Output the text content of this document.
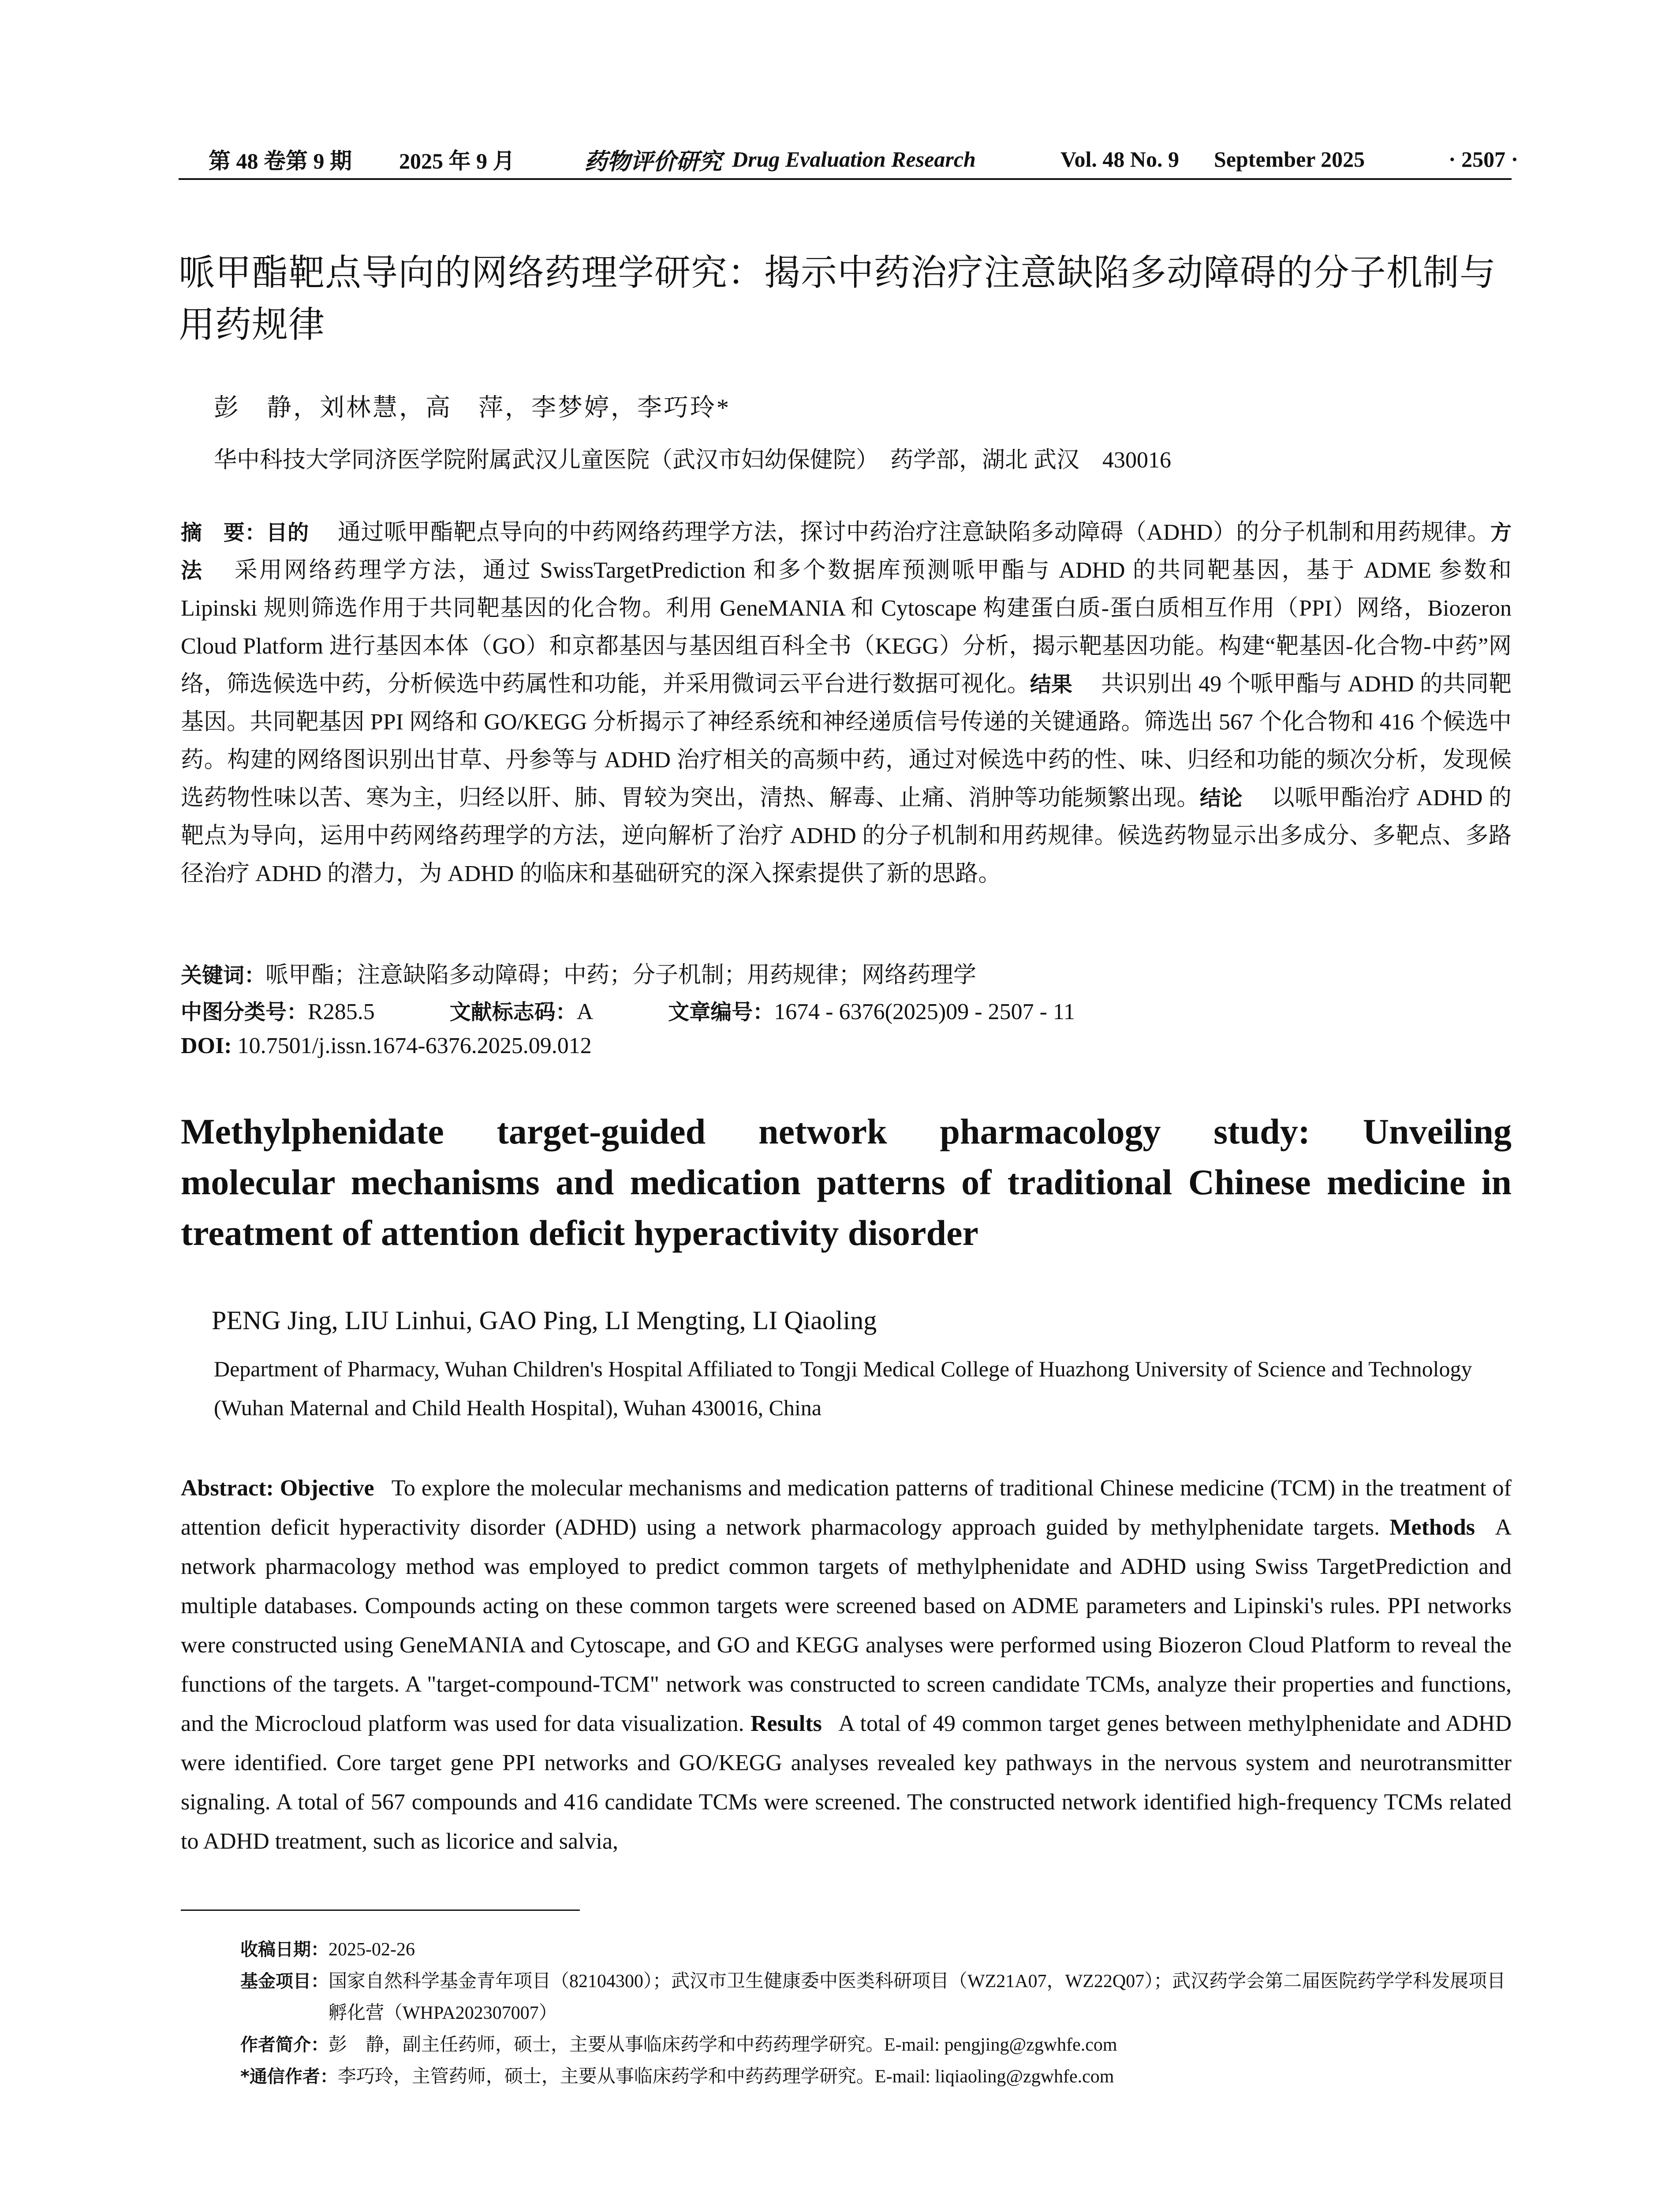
第 48 卷第 9 期 2025 年 9 月	药物评价研究 Drug Evaluation Research	Vol. 48 No. 9 September 2025	· 2507 ·
哌甲酯靶点导向的网络药理学研究：揭示中药治疗注意缺陷多动障碍的分子机制与用药规律
彭　静，刘林慧，高　萍，李梦婷，李巧玲*
华中科技大学同济医学院附属武汉儿童医院（武汉市妇幼保健院）　药学部，湖北 武汉　430016
摘　要：目的  通过哌甲酯靶点导向的中药网络药理学方法，探讨中药治疗注意缺陷多动障碍（ADHD）的分子机制和用药规律。方法  采用网络药理学方法，通过 SwissTargetPrediction 和多个数据库预测哌甲酯与 ADHD 的共同靶基因，基于 ADME 参数和 Lipinski 规则筛选作用于共同靶基因的化合物。利用 GeneMANIA 和 Cytoscape 构建蛋白质-蛋白质相互作用（PPI）网络，Biozeron Cloud Platform 进行基因本体（GO）和京都基因与基因组百科全书（KEGG）分析，揭示靶基因功能。构建“靶基因-化合物-中药”网络，筛选候选中药，分析候选中药属性和功能，并采用微词云平台进行数据可视化。结果  共识别出 49 个哌甲酯与 ADHD 的共同靶基因。共同靶基因 PPI 网络和 GO/KEGG 分析揭示了神经系统和神经递质信号传递的关键通路。筛选出 567 个化合物和 416 个候选中药。构建的网络图识别出甘草、丹参等与 ADHD 治疗相关的高频中药，通过对候选中药的性、味、归经和功能的频次分析，发现候选药物性味以苦、寒为主，归经以肝、肺、胃较为突出，清热、解毒、止痛、消肿等功能频繁出现。结论  以哌甲酯治疗 ADHD 的靶点为导向，运用中药网络药理学的方法，逆向解析了治疗 ADHD 的分子机制和用药规律。候选药物显示出多成分、多靶点、多路径治疗 ADHD 的潜力，为 ADHD 的临床和基础研究的深入探索提供了新的思路。
关键词：哌甲酯；注意缺陷多动障碍；中药；分子机制；用药规律；网络药理学
中图分类号：R285.5	文献标志码：A	文章编号：1674 - 6376(2025)09 - 2507 - 11
DOI: 10.7501/j.issn.1674-6376.2025.09.012
Methylphenidate target-guided network pharmacology study: Unveiling
molecular mechanisms and medication patterns of traditional Chinese medicine in treatment of attention deficit hyperactivity disorder
PENG Jing, LIU Linhui, GAO Ping, LI Mengting, LI Qiaoling
Department of Pharmacy, Wuhan Children's Hospital Affiliated to Tongji Medical College of Huazhong University of Science and Technology (Wuhan Maternal and Child Health Hospital), Wuhan 430016, China
Abstract: Objective  To explore the molecular mechanisms and medication patterns of traditional Chinese medicine (TCM) in the treatment of attention deficit hyperactivity disorder (ADHD) using a network pharmacology approach guided by methylphenidate targets. Methods  A network pharmacology method was employed to predict common targets of methylphenidate and ADHD using Swiss TargetPrediction and multiple databases. Compounds acting on these common targets were screened based on ADME parameters and Lipinski's rules. PPI networks were constructed using GeneMANIA and Cytoscape, and GO and KEGG analyses were performed using Biozeron Cloud Platform to reveal the functions of the targets. A "target-compound-TCM" network was constructed to screen candidate TCMs, analyze their properties and functions, and the Microcloud platform was used for data visualization. Results  A total of 49 common target genes between methylphenidate and ADHD were identified. Core target gene PPI networks and GO/KEGG analyses revealed key pathways in the nervous system and neurotransmitter signaling. A total of 567 compounds and 416 candidate TCMs were screened. The constructed network identified high-frequency TCMs related to ADHD treatment, such as licorice and salvia,
收稿日期： 2025-02-26
基金项目： 国家自然科学基金青年项目（82104300）；武汉市卫生健康委中医类科研项目（WZ21A07，WZ22Q07）；武汉药学会第二届医院药学学科发展项目孵化营（WHPA202307007）
作者简介： 彭　静，副主任药师，硕士，主要从事临床药学和中药药理学研究。E-mail: pengjing@zgwhfe.com
*通信作者： 李巧玲，主管药师，硕士，主要从事临床药学和中药药理学研究。E-mail: liqiaoling@zgwhfe.com
